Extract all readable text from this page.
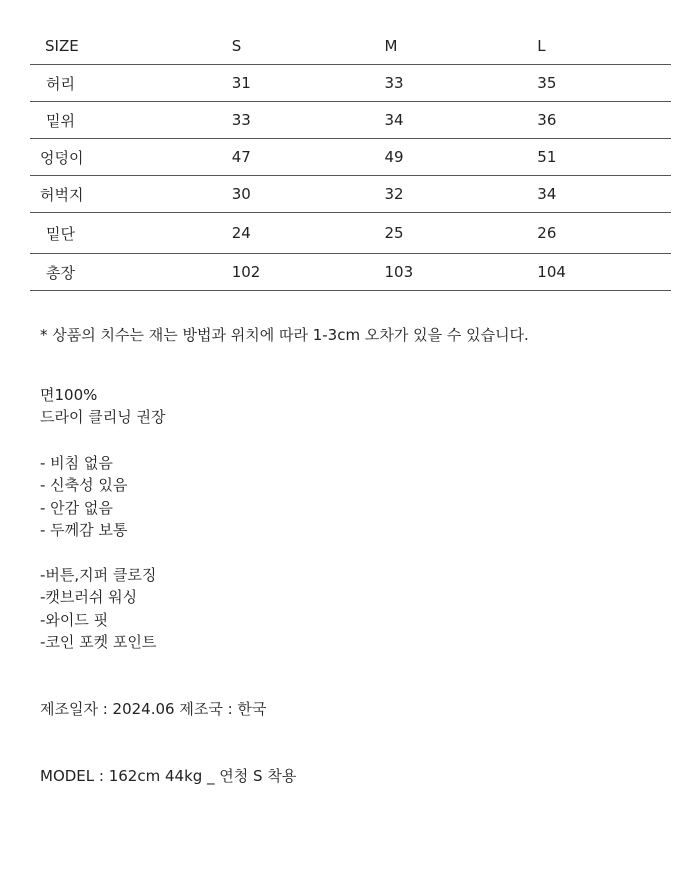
SIZE	S	M	L
허리	31	33	35
밑위	33	34	36
엉덩이	47	49	51
허벅지	30	32	34
밑단	24	25	26
총장	102	103	104

* 상품의 치수는 재는 방법과 위치에 따라 1-3cm 오차가 있을 수 있습니다.

면100%
드라이 클리닝 권장
- 비침 없음
- 신축성 있음
- 안감 없음
- 두께감 보통
-버튼,지퍼 클로징
-캣브러쉬 워싱
-와이드 핏
-코인 포켓 포인트

제조일자 : 2024.06 제조국 : 한국

MODEL : 162cm 44kg _ 연청 S 착용
